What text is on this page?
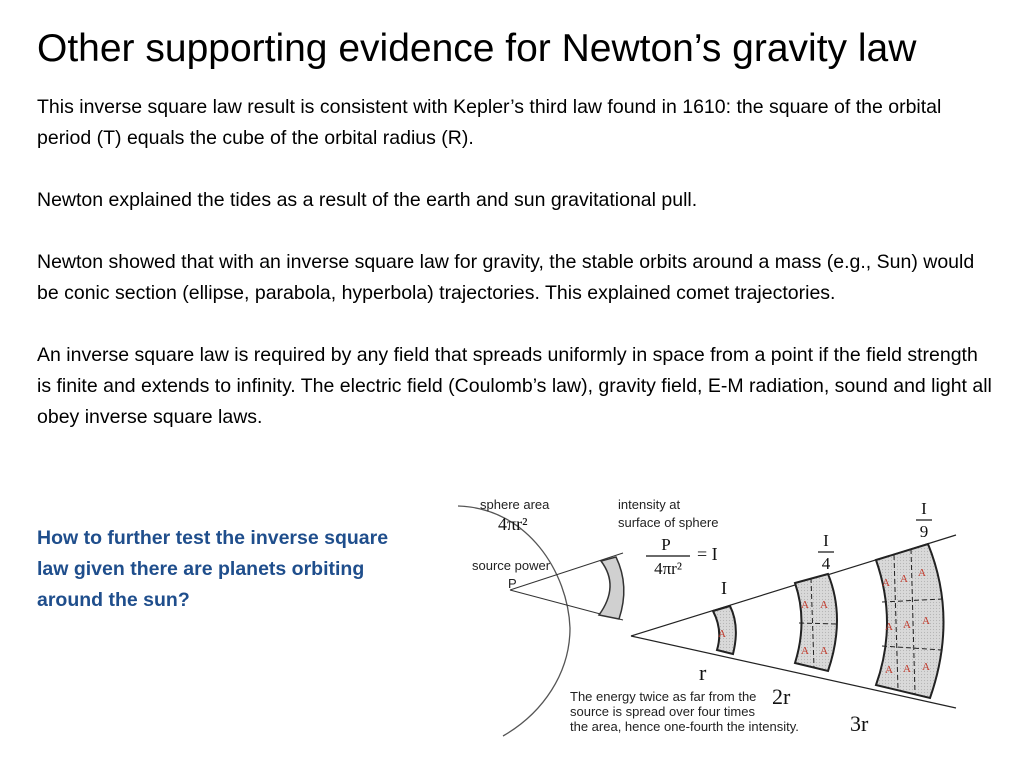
Other supporting evidence for Newton’s gravity law

This inverse square law result is consistent with Kepler’s third law found in 1610: the square of the orbital period (T) equals the cube of the orbital radius (R).

Newton explained the tides as a result of the earth and sun gravitational pull.

Newton showed that with an inverse square law for gravity, the stable orbits around a mass (e.g., Sun) would be conic section (ellipse, parabola, hyperbola) trajectories. This explained comet trajectories.

An inverse square law is required by any field that spreads uniformly in space from a point if the field strength is finite and extends to infinity. The electric field (Coulomb’s law), gravity field, E-M radiation, sound and light all obey inverse square laws.

How to further test the inverse square law given there are planets orbiting around the sun?
A
A A
A A
A A A
A A A
A A A
sphere area
4πr²
intensity at
surface of sphere
P
4πr²
= I
source power
P	I
I
4
I
9
r
2r
3r
The energy twice as far from the
source is spread over four times
the area, hence one-fourth the intensity.
